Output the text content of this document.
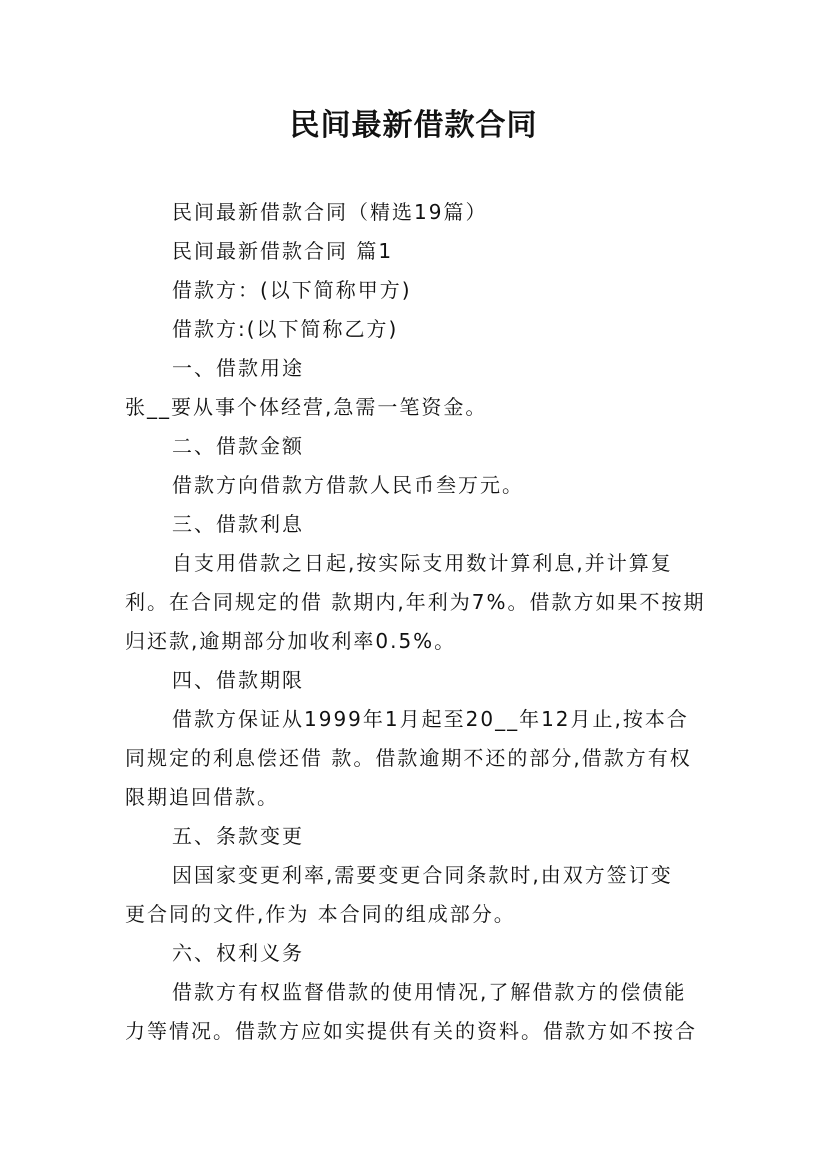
民间最新借款合同
民间最新借款合同（精选19篇）
民间最新借款合同 篇1
借款方：(以下简称甲方)
借款方:(以下简称乙方)
一、借款用途
张__要从事个体经营,急需一笔资金。
二、借款金额
借款方向借款方借款人民币叁万元。
三、借款利息
自支用借款之日起,按实际支用数计算利息,并计算复
利。在合同规定的借 款期内,年利为7%。借款方如果不按期
归还款,逾期部分加收利率0.5%。
四、借款期限
借款方保证从1999年1月起至20__年12月止,按本合
同规定的利息偿还借 款。借款逾期不还的部分,借款方有权
限期追回借款。
五、条款变更
因国家变更利率,需要变更合同条款时,由双方签订变
更合同的文件,作为 本合同的组成部分。
六、权利义务
借款方有权监督借款的使用情况,了解借款方的偿债能
力等情况。借款方应如实提供有关的资料。借款方如不按合
